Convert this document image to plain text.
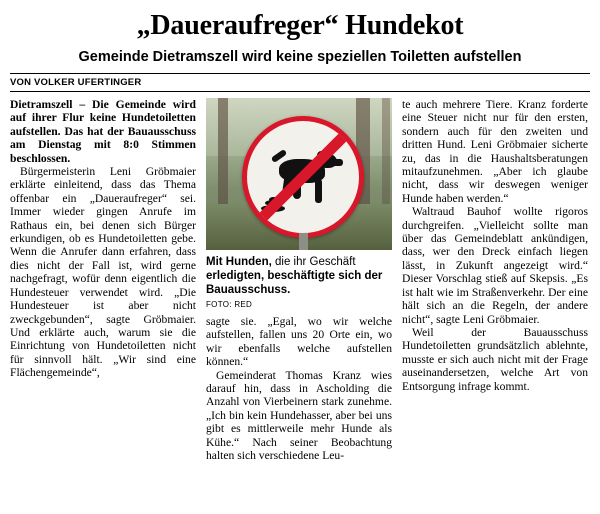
„Daueraufreger“ Hundekot
Gemeinde Dietramszell wird keine speziellen Toiletten aufstellen
VON VOLKER UFERTINGER

Dietramszell – Die Gemeinde wird auf ihrer Flur keine Hundetoiletten aufstellen. Das hat der Bauausschuss am Dienstag mit 8:0 Stimmen beschlossen.

Bürgermeisterin Leni Gröbmaier erklärte einleitend, dass das Thema offenbar ein „Daueraufreger“ sei. Immer wieder gingen Anrufe im Rathaus ein, bei denen sich Bürger erkundigen, ob es Hundetoiletten gebe. Wenn die Anrufer dann erfahren, dass dies nicht der Fall ist, wird gerne nachgefragt, wofür denn eigentlich die Hundesteuer verwendet wird. „Die Hundesteuer ist aber nicht zweckgebunden“, sagte Gröbmaier. Und erklärte auch, warum sie die Einrichtung von Hundetoiletten nicht für sinnvoll hält. „Wir sind eine Flächengemeinde“,

Mit Hunden, die ihr Geschäft erledigten, beschäftigte sich der Bauausschuss.
FOTO: RED

sagte sie. „Egal, wo wir welche aufstellen, fallen uns 20 Orte ein, wo wir ebenfalls welche aufstellen können.“

Gemeinderat Thomas Kranz wies darauf hin, dass in Ascholding die Anzahl von Vierbeinern stark zunehme. „Ich bin kein Hundehasser, aber bei uns gibt es mittlerweile mehr Hunde als Kühe.“ Nach seiner Beobachtung halten sich verschiedene Leu-

te auch mehrere Tiere. Kranz forderte eine Steuer nicht nur für den ersten, sondern auch für den zweiten und dritten Hund. Leni Gröbmaier sicherte zu, das in die Haushaltsberatungen mitaufzunehmen. „Aber ich glaube nicht, dass wir deswegen weniger Hunde haben werden.“

Waltraud Bauhof wollte rigoros durchgreifen. „Vielleicht sollte man über das Gemeindeblatt ankündigen, dass, wer den Dreck einfach liegen lässt, in Zukunft angezeigt wird.“ Dieser Vorschlag stieß auf Skepsis. „Es ist halt wie im Straßenverkehr. Der eine hält sich an die Regeln, der andere nicht“, sagte Leni Gröbmaier.

Weil der Bauausschuss Hundetoiletten grundsätzlich ablehnte, musste er sich auch nicht mit der Frage auseinandersetzen, welche Art von Entsorgung infrage kommt.
